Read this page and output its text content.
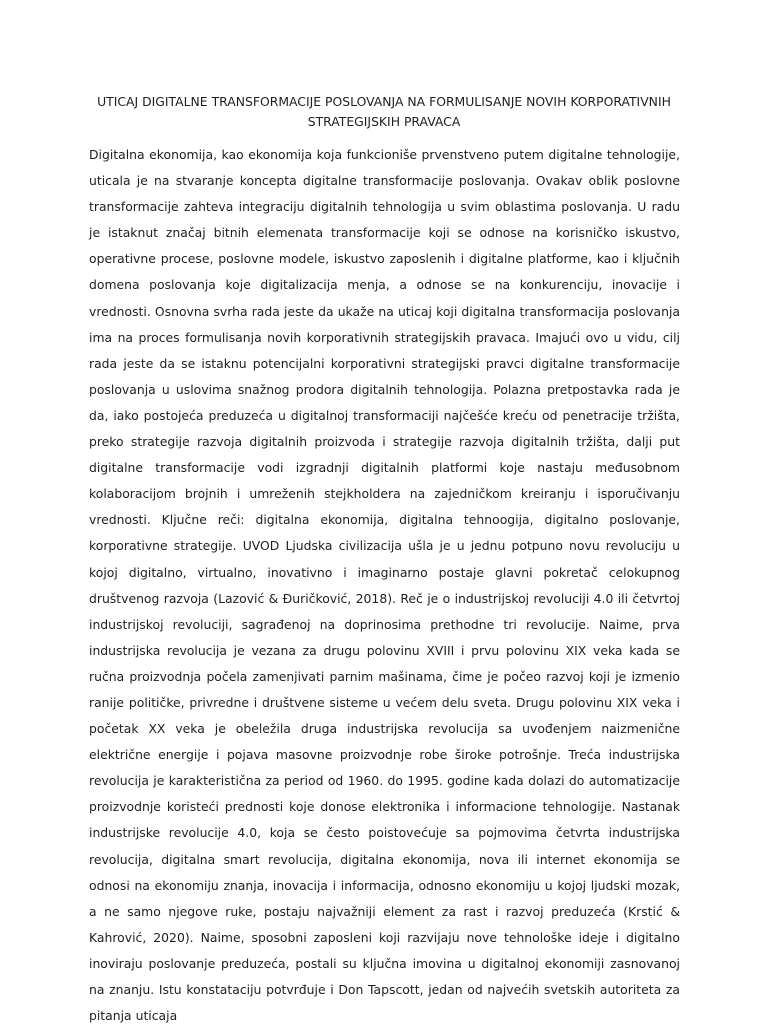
UTICAJ DIGITALNE TRANSFORMACIJE POSLOVANJA NA FORMULISANJE NOVIH KORPORATIVNIH STRATEGIJSKIH PRAVACA

Digitalna ekonomija, kao ekonomija koja funkcioniše prvenstveno putem digitalne tehnologije, uticala je na stvaranje koncepta digitalne transformacije poslovanja. Ovakav oblik poslovne transformacije zahteva integraciju digitalnih tehnologija u svim oblastima poslovanja. U radu je istaknut značaj bitnih elemenata transformacije koji se odnose na korisničko iskustvo, operativne procese, poslovne modele, iskustvo zaposlenih i digitalne platforme, kao i ključnih domena poslovanja koje digitalizacija menja, a odnose se na konkurenciju, inovacije i vrednosti. Osnovna svrha rada jeste da ukaže na uticaj koji digitalna transformacija poslovanja ima na proces formulisanja novih korporativnih strategijskih pravaca. Imajući ovo u vidu, cilj rada jeste da se istaknu potencijalni korporativni strategijski pravci digitalne transformacije poslovanja u uslovima snažnog prodora digitalnih tehnologija. Polazna pretpostavka rada je da, iako postojeća preduzeća u digitalnoj transformaciji najčešće kreću od penetracije tržišta, preko strategije razvoja digitalnih proizvoda i strategije razvoja digitalnih tržišta, dalji put digitalne transformacije vodi izgradnji digitalnih platformi koje nastaju međusobnom kolaboracijom brojnih i umreženih stejkholdera na zajedničkom kreiranju i isporučivanju vrednosti. Ključne reči: digitalna ekonomija, digitalna tehnoogija, digitalno poslovanje, korporativne strategije. UVOD Ljudska civilizacija ušla je u jednu potpuno novu revoluciju u kojoj digitalno, virtualno, inovativno i imaginarno postaje glavni pokretač celokupnog društvenog razvoja (Lazović & Đuričković, 2018). Reč je o industrijskoj revoluciji 4.0 ili četvrtoj industrijskoj revoluciji, sagrađenoj na doprinosima prethodne tri revolucije. Naime, prva industrijska revolucija je vezana za drugu polovinu XVIII i prvu polovinu XIX veka kada se ručna proizvodnja počela zamenjivati parnim mašinama, čime je počeo razvoj koji je izmenio ranije političke, privredne i društvene sisteme u većem delu sveta. Drugu polovinu XIX veka i početak XX veka je obeležila druga industrijska revolucija sa uvođenjem naizmenične električne energije i pojava masovne proizvodnje robe široke potrošnje. Treća industrijska revolucija je karakteristična za period od 1960. do 1995. godine kada dolazi do automatizacije proizvodnje koristeći prednosti koje donose elektronika i informacione tehnologije. Nastanak industrijske revolucije 4.0, koja se često poistovećuje sa pojmovima četvrta industrijska revolucija, digitalna smart revolucija, digitalna ekonomija, nova ili internet ekonomija se odnosi na ekonomiju znanja, inovacija i informacija, odnosno ekonomiju u kojoj ljudski mozak, a ne samo njegove ruke, postaju najvažniji element za rast i razvoj preduzeća (Krstić & Kahrović, 2020). Naime, sposobni zaposleni koji razvijaju nove tehnološke ideje i digitalno inoviraju poslovanje preduzeća, postali su ključna imovina u digitalnoj ekonomiji zasnovanoj na znanju. Istu konstataciju potvrđuje i Don Tapscott, jedan od najvećih svetskih autoriteta za pitanja uticaja
